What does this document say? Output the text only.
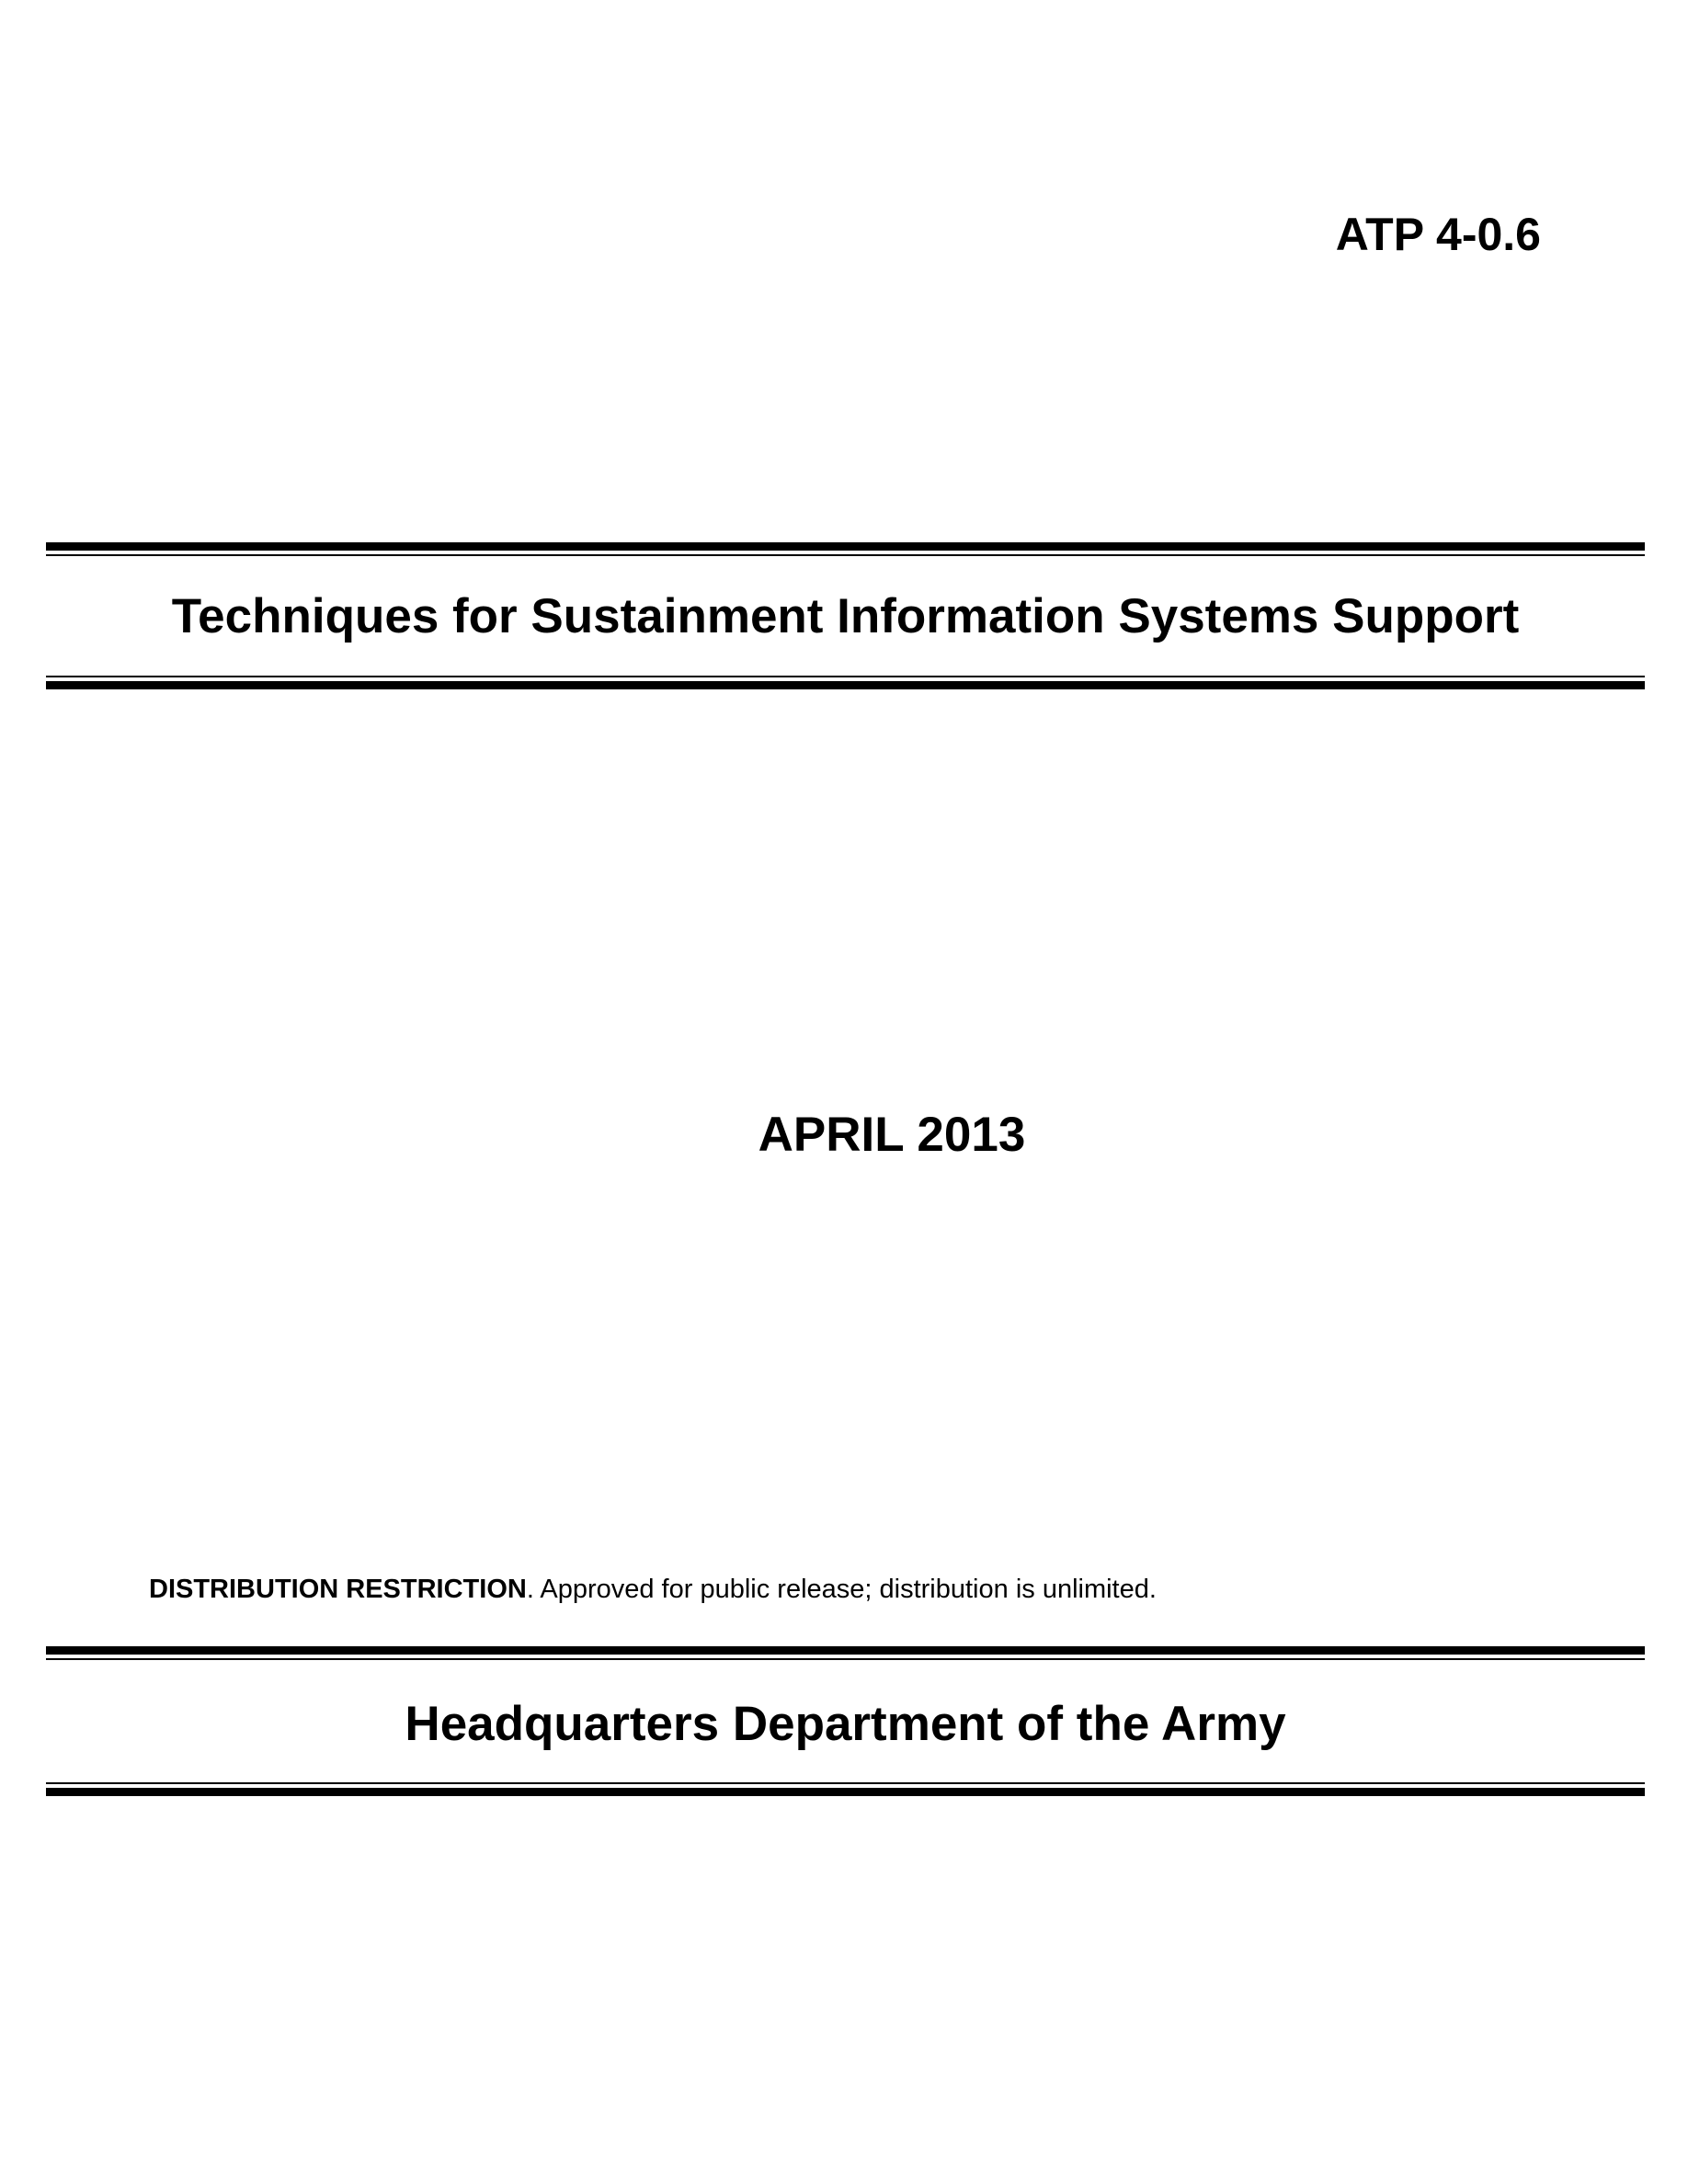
ATP 4-0.6
Techniques for Sustainment Information Systems Support
APRIL 2013
DISTRIBUTION RESTRICTION. Approved for public release; distribution is unlimited.
Headquarters Department of the Army
